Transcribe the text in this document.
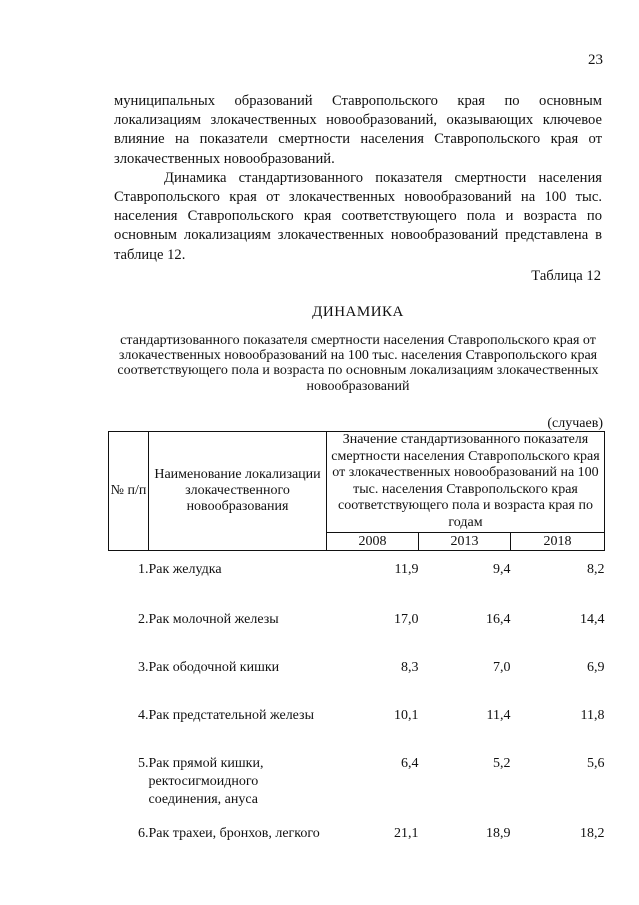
23

муниципальных образований Ставропольского края по основным локализациям злокачественных новообразований, оказывающих ключевое влияние на показатели смертности населения Ставропольского края от злокачественных новообразований.

Динамика стандартизованного показателя смертности населения Ставропольского края от злокачественных новообразований на 100 тыс. населения Ставропольского края соответствующего пола и возраста по основным локализациям злокачественных новообразований представлена в таблице 12.

Таблица 12
ДИНАМИКА
стандартизованного показателя смертности населения Ставропольского края от злокачественных новообразований на 100 тыс. населения Ставропольского края соответствующего пола и возраста по основным локализациям злокачественных новообразований
(случаев)
№ п/п	Наименование локализации злокачественного новообразования	Значение стандартизованного показателя смертности населения Ставропольского края от злокачественных новообразований на 100 тыс. населения Ставропольского края соответствующего пола и возраста края по годам		
		2008	2013	2018
1.	Рак желудка	11,9	9,4	8,2
2.	Рак молочной железы	17,0	16,4	14,4
3.	Рак ободочной кишки	8,3	7,0	6,9
4.	Рак предстательной железы	10,1	11,4	11,8
5.	Рак прямой кишки, ректосигмоидного соединения, ануса	6,4	5,2	5,6
6.	Рак трахеи, бронхов, легкого	21,1	18,9	18,2
